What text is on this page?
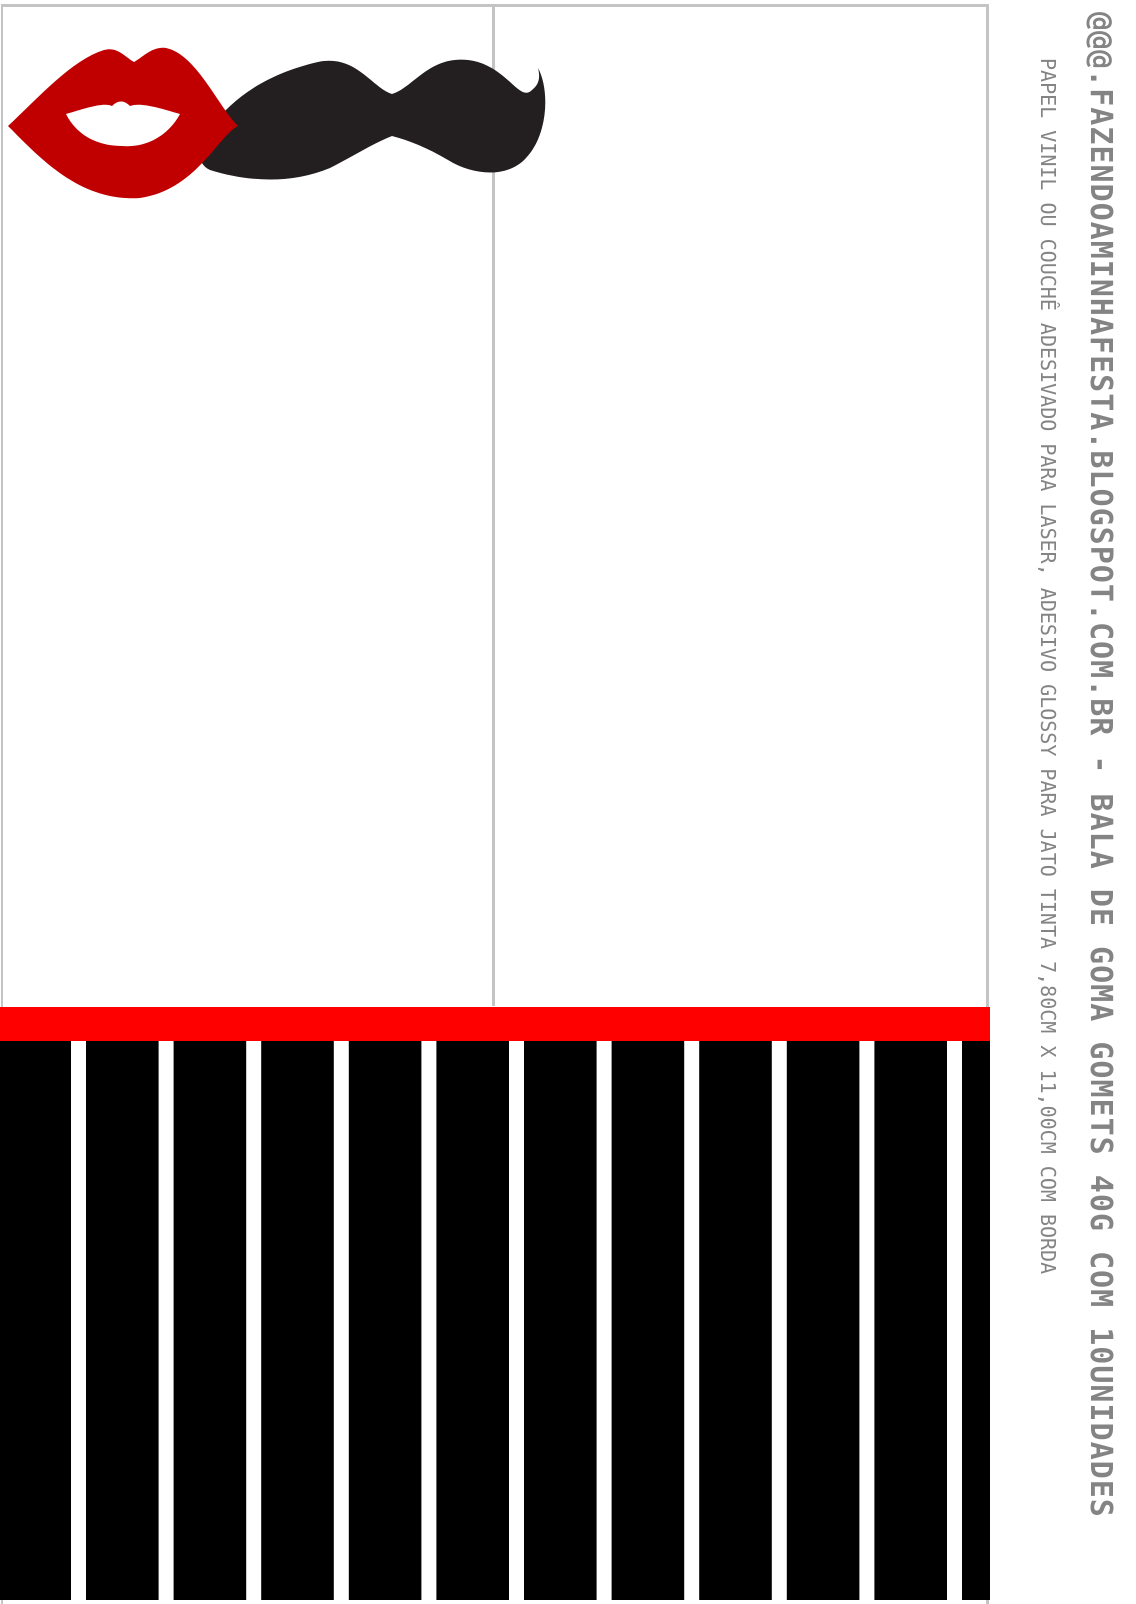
@@@.FAZENDOAMINHAFESTA.BLOGSPOT.COM.BR - BALA DE GOMA GOMETS 40G COM 10UNIDADES
PAPEL VINIL OU COUCHÊ ADESIVADO PARA LASER, ADESIVO GLOSSY PARA JATO TINTA 7,80CM X 11,00CM COM BORDA
